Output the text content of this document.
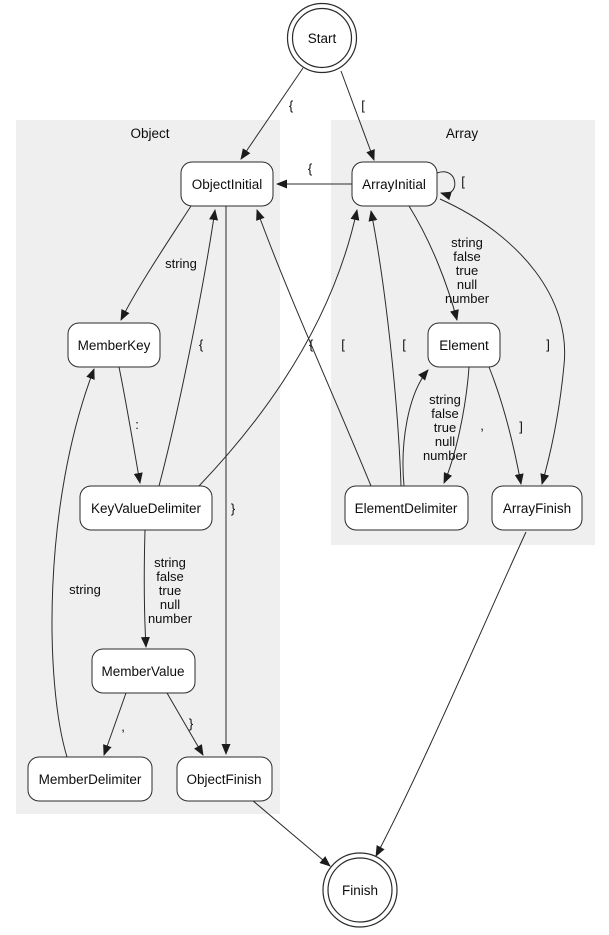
Object	Array
{	[
{
[
string
string
false
true
null
number
{	{ [	[	]
:	,	]
string
false
true
null
number
}
string
string
false
true
null
number
,	}
Start
ObjectInitial	ArrayInitial
MemberKey	Element
KeyValueDelimiter	ElementDelimiter	ArrayFinish
MemberValue
MemberDelimiter	ObjectFinish
Finish
